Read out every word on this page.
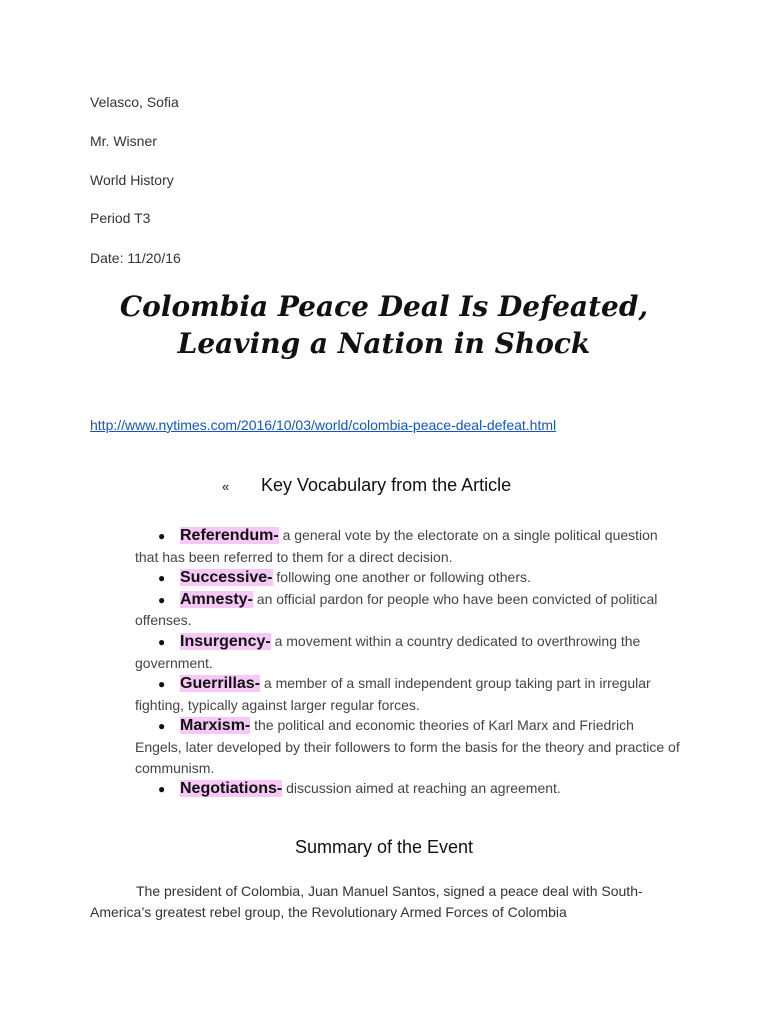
Velasco, Sofia
Mr. Wisner
World History
Period T3
Date: 11/20/16
Colombia Peace Deal Is Defeated,
Leaving a Nation in Shock
http://www.nytimes.com/2016/10/03/world/colombia-peace-deal-defeat.html
« Key Vocabulary from the Article

● Referendum- a general vote by the electorate on a single political question that has been referred to them for a direct decision.

● Successive- following one another or following others.

● Amnesty- an official pardon for people who have been convicted of political offenses.

● Insurgency- a movement within a country dedicated to overthrowing the government.

● Guerrillas- a member of a small independent group taking part in irregular fighting, typically against larger regular forces.

● Marxism- the political and economic theories of Karl Marx and Friedrich Engels, later developed by their followers to form the basis for the theory and practice of communism.

● Negotiations- discussion aimed at reaching an agreement.

Summary of the Event
The president of Colombia, Juan Manuel Santos, signed a peace deal with South-America’s greatest rebel group, the Revolutionary Armed Forces of Colombia
